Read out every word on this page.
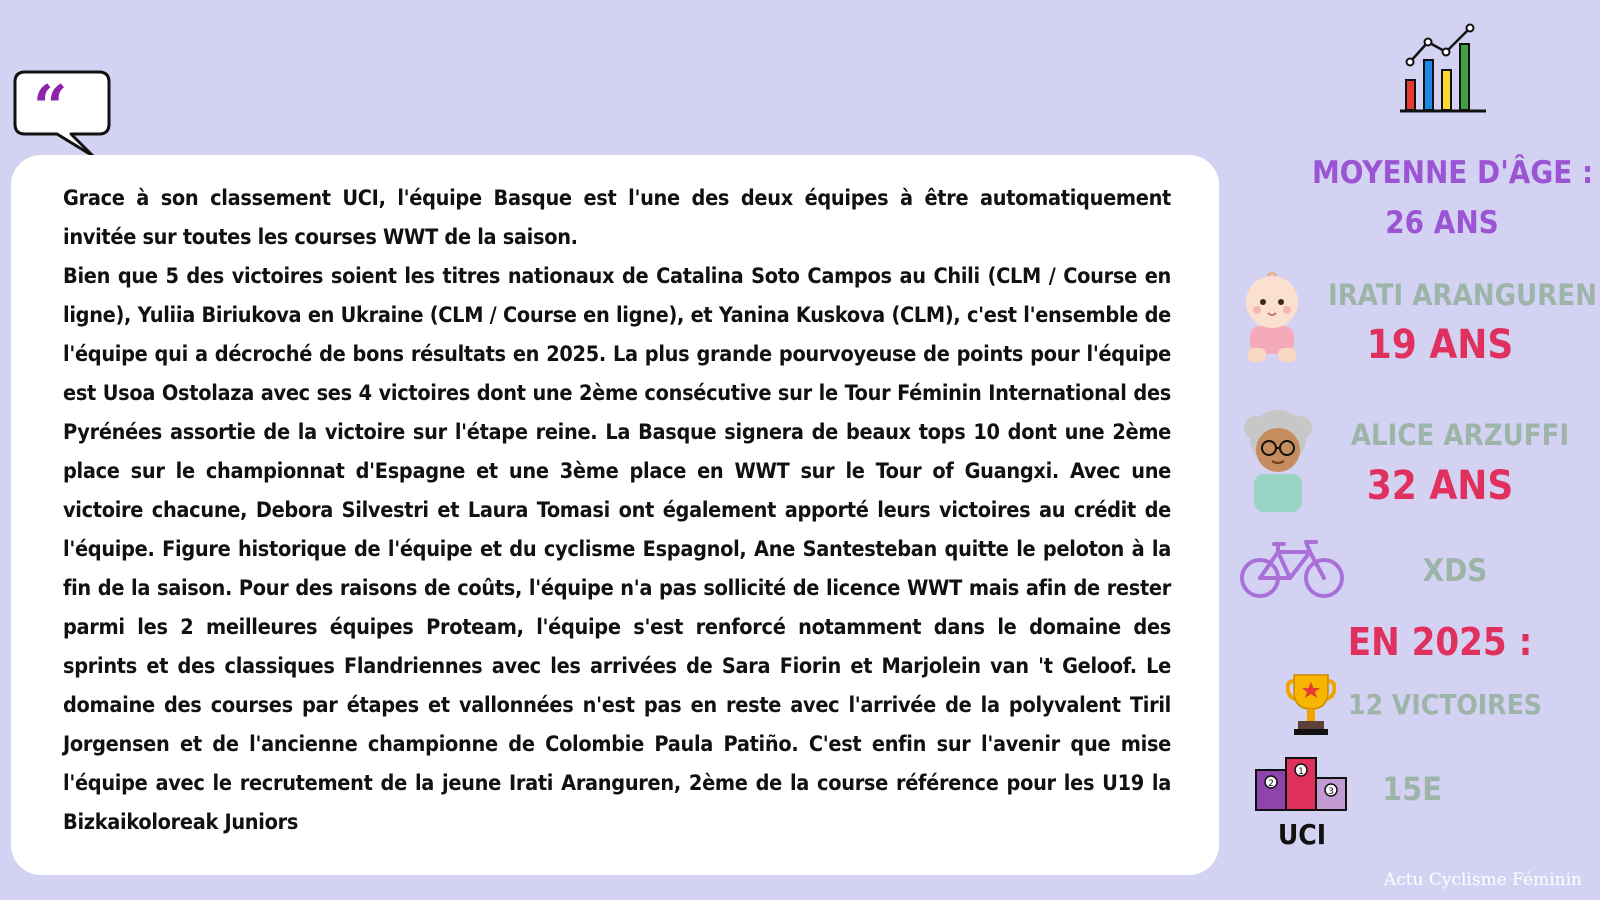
“

Grace à son classement UCI, l'équipe Basque est l'une des deux équipes à être automatiquement invitée sur toutes les courses WWT de la saison.

Bien que 5 des victoires soient les titres nationaux de Catalina Soto Campos au Chili (CLM / Course en ligne), Yuliia Biriukova en Ukraine (CLM / Course en ligne), et Yanina Kuskova (CLM), c'est l'ensemble de l'équipe qui a décroché de bons résultats en 2025. La plus grande pourvoyeuse de points pour l'équipe est Usoa Ostolaza avec ses 4 victoires dont une 2ème consécutive sur le Tour Féminin International des Pyrénées assortie de la victoire sur l'étape reine. La Basque signera de beaux tops 10 dont une 2ème place sur le championnat d'Espagne et une 3ème place en WWT sur le Tour of Guangxi. Avec une victoire chacune, Debora Silvestri et Laura Tomasi ont également apporté leurs victoires au crédit de l'équipe. Figure historique de l'équipe et du cyclisme Espagnol, Ane Santesteban quitte le peloton à la fin de la saison. Pour des raisons de coûts, l'équipe n'a pas sollicité de licence WWT mais afin de rester parmi les 2 meilleures équipes Proteam, l'équipe s'est renforcé notamment dans le domaine des sprints et des classiques Flandriennes avec les arrivées de Sara Fiorin et Marjolein van 't Geloof. Le domaine des courses par étapes et vallonnées n'est pas en reste avec l'arrivée de la polyvalent Tiril Jorgensen et de l'ancienne championne de Colombie Paula Patiño. C'est enfin sur l'avenir que mise l'équipe avec le recrutement de la jeune Irati Aranguren, 2ème de la course référence pour les U19 la Bizkaikoloreak Juniors

MOYENNE D'ÂGE :
26 ANS
IRATI ARANGUREN
19 ANS
ALICE ARZUFFI
32 ANS
XDS
EN 2025 :
12 VICTOIRES
2
1
3	15E
UCI
Actu Cyclisme Féminin
